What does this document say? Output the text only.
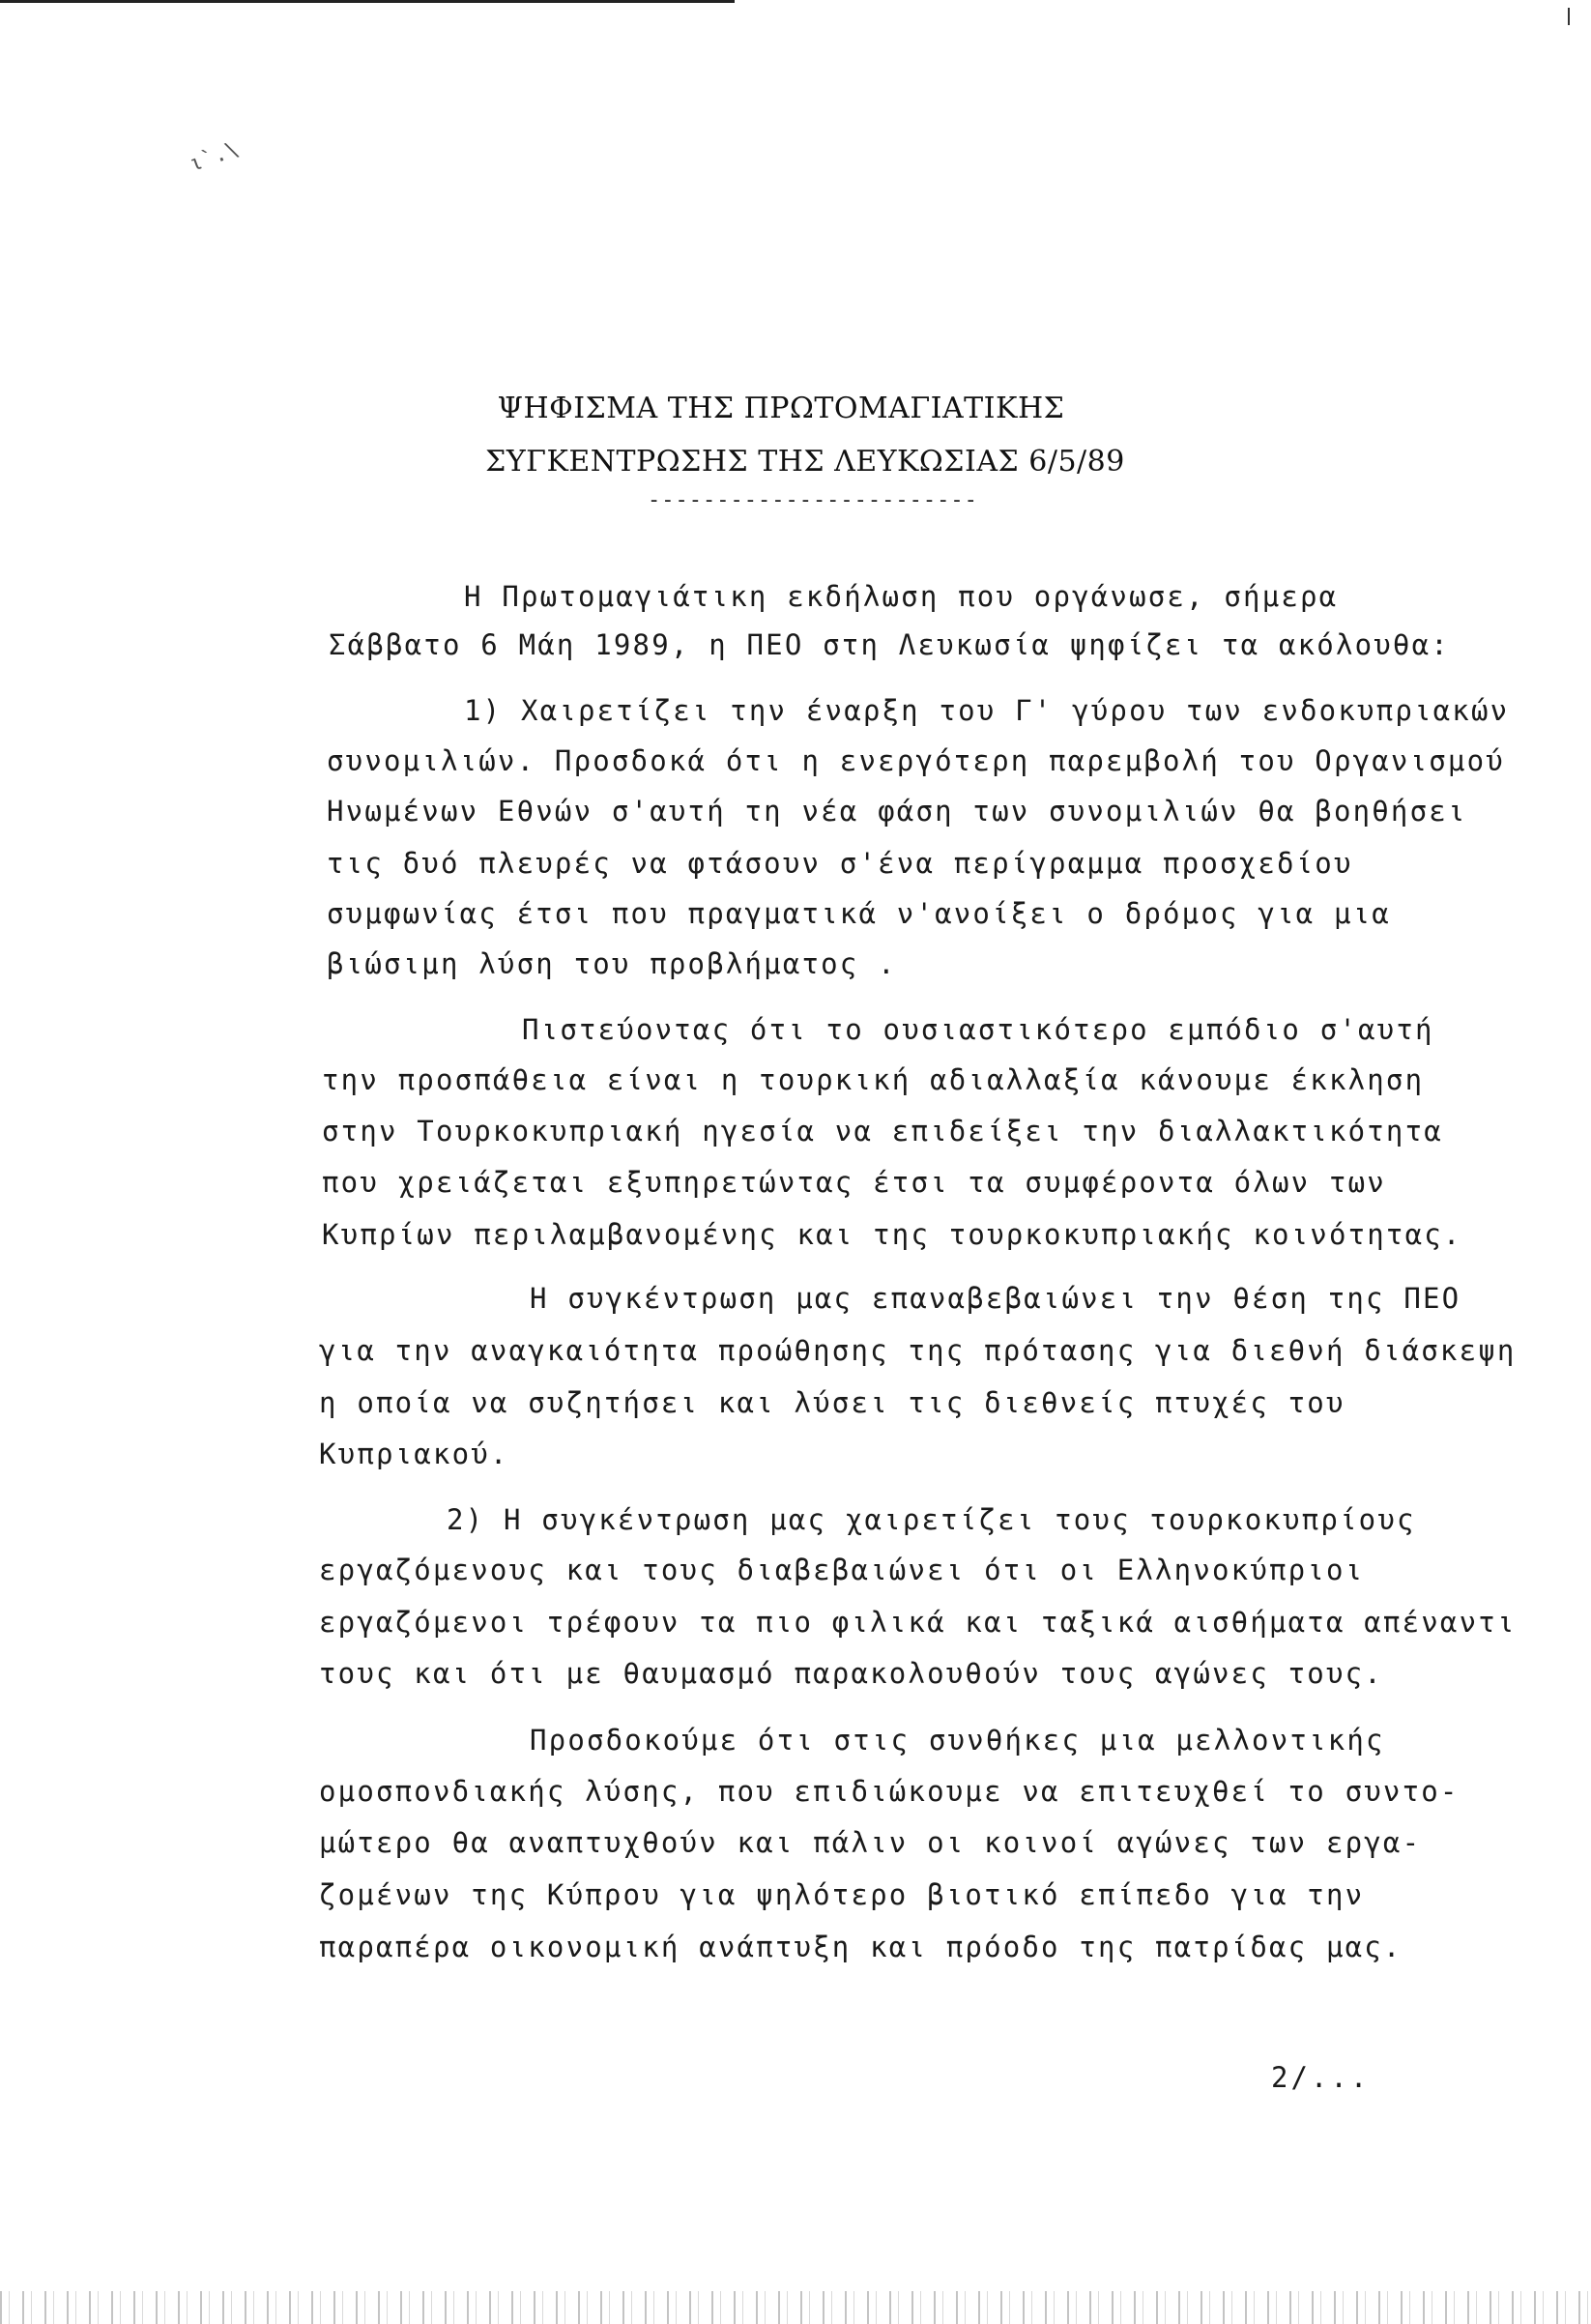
ι`.\
ΨΗΦΙΣΜΑ ΤΗΣ ΠΡΩΤΟΜΑΓΙΑΤΙΚΗΣ
ΣΥΓΚΕΝΤΡΩΣΗΣ ΤΗΣ ΛΕΥΚΩΣΙΑΣ 6/5/89
------------------------
Η Πρωτομαγιάτικη εκδήλωση που οργάνωσε, σήμερα
Σάββατο 6 Μάη 1989, η ΠΕΟ στη Λευκωσία ψηφίζει τα ακόλουθα:
1) Χαιρετίζει την έναρξη του Γ' γύρου των ενδοκυπριακών
συνομιλιών. Προσδοκά ότι η ενεργότερη παρεμβολή του Οργανισμού
Ηνωμένων Εθνών σ'αυτή τη νέα φάση των συνομιλιών θα βοηθήσει
τις δυό πλευρές να φτάσουν σ'ένα περίγραμμα προσχεδίου
συμφωνίας έτσι που πραγματικά ν'ανοίξει ο δρόμος για μια
βιώσιμη λύση του προβλήματος .
Πιστεύοντας ότι το ουσιαστικότερο εμπόδιο σ'αυτή
την προσπάθεια είναι η τουρκική αδιαλλαξία κάνουμε έκκληση
στην Τουρκοκυπριακή ηγεσία να επιδείξει την διαλλακτικότητα
που χρειάζεται εξυπηρετώντας έτσι τα συμφέροντα όλων των
Κυπρίων περιλαμβανομένης και της τουρκοκυπριακής κοινότητας.
Η συγκέντρωση μας επαναβεβαιώνει την θέση της ΠΕΟ
για την αναγκαιότητα προώθησης της πρότασης για διεθνή διάσκεψη
η οποία να συζητήσει και λύσει τις διεθνείς πτυχές του
Κυπριακού.
2) Η συγκέντρωση μας χαιρετίζει τους τουρκοκυπρίους
εργαζόμενους και τους διαβεβαιώνει ότι οι Ελληνοκύπριοι
εργαζόμενοι τρέφουν τα πιο φιλικά και ταξικά αισθήματα απέναντι
τους και ότι με θαυμασμό παρακολουθούν τους αγώνες τους.
Προσδοκούμε ότι στις συνθήκες μια μελλοντικής
ομοσπονδιακής λύσης, που επιδιώκουμε να επιτευχθεί το συντο-
μώτερο θα αναπτυχθούν και πάλιν οι κοινοί αγώνες των εργα-
ζομένων της Κύπρου για ψηλότερο βιοτικό επίπεδο για την
παραπέρα οικονομική ανάπτυξη και πρόοδο της πατρίδας μας.
2/...
